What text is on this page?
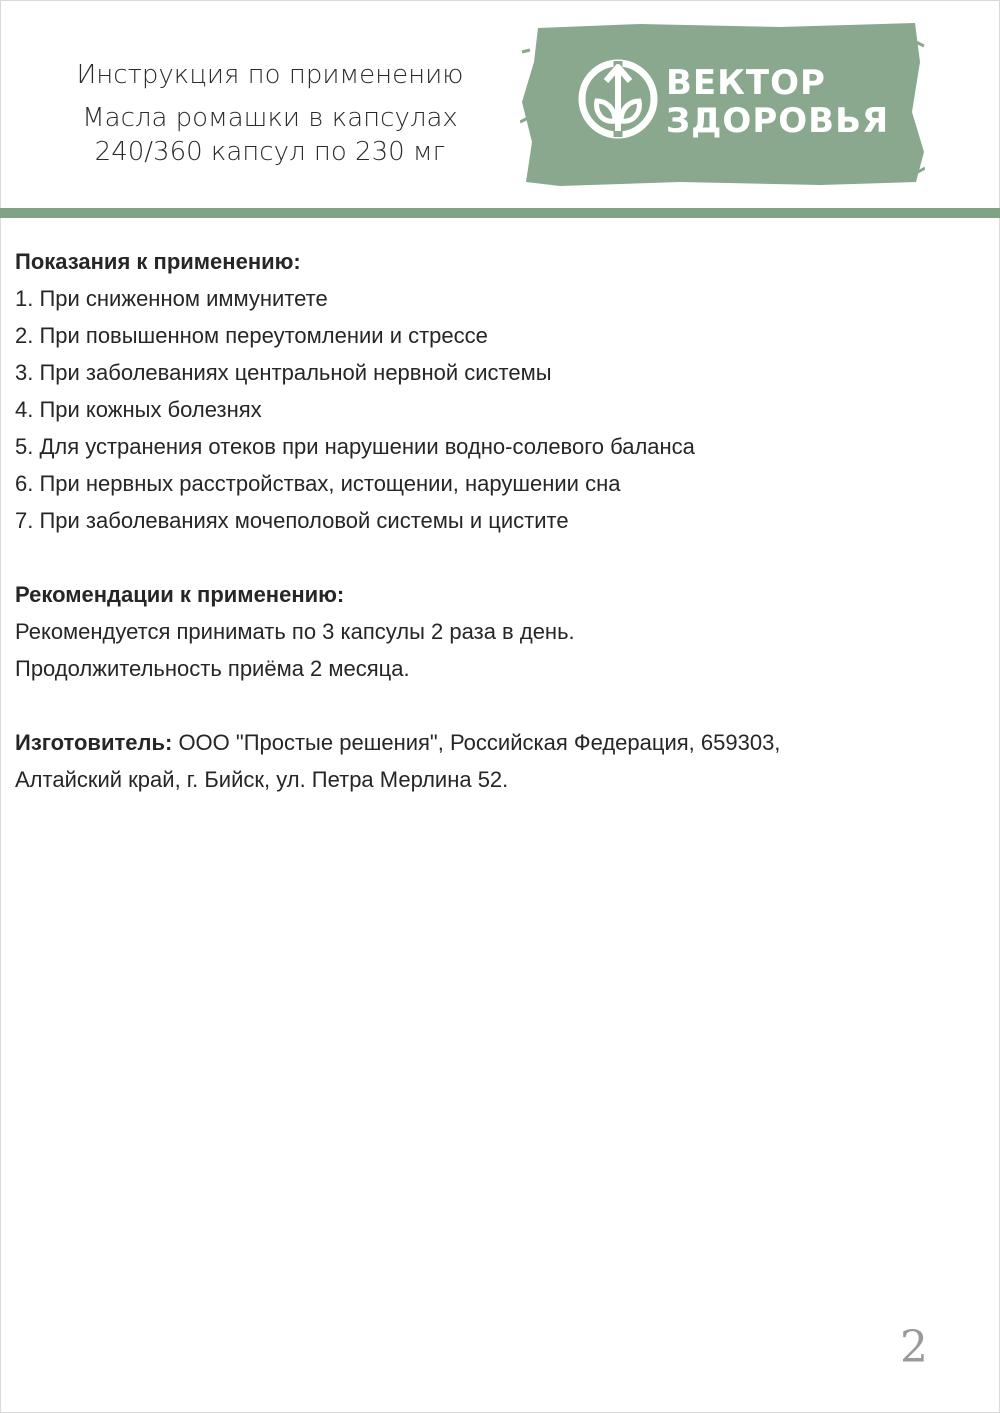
Инструкция по применению
Масла ромашки в капсулах
240/360 капсул по 230 мг
ВЕКТОР
ЗДОРОВЬЯ
Показания к применению:
1. При сниженном иммунитете
2. При повышенном переутомлении и стрессе
3. При заболеваниях центральной нервной системы
4. При кожных болезнях
5. Для устранения отеков при нарушении водно-солевого баланса
6. При нервных расстройствах, истощении, нарушении сна
7. При заболеваниях мочеполовой системы и цистите
Рекомендации к применению:

Рекомендуется принимать по 3 капсулы 2 раза в день.

Продолжительность приёма 2 месяца.

Изготовитель: ООО "Простые решения", Российская Федерация, 659303,

Алтайский край, г. Бийск, ул. Петра Мерлина 52.

2
